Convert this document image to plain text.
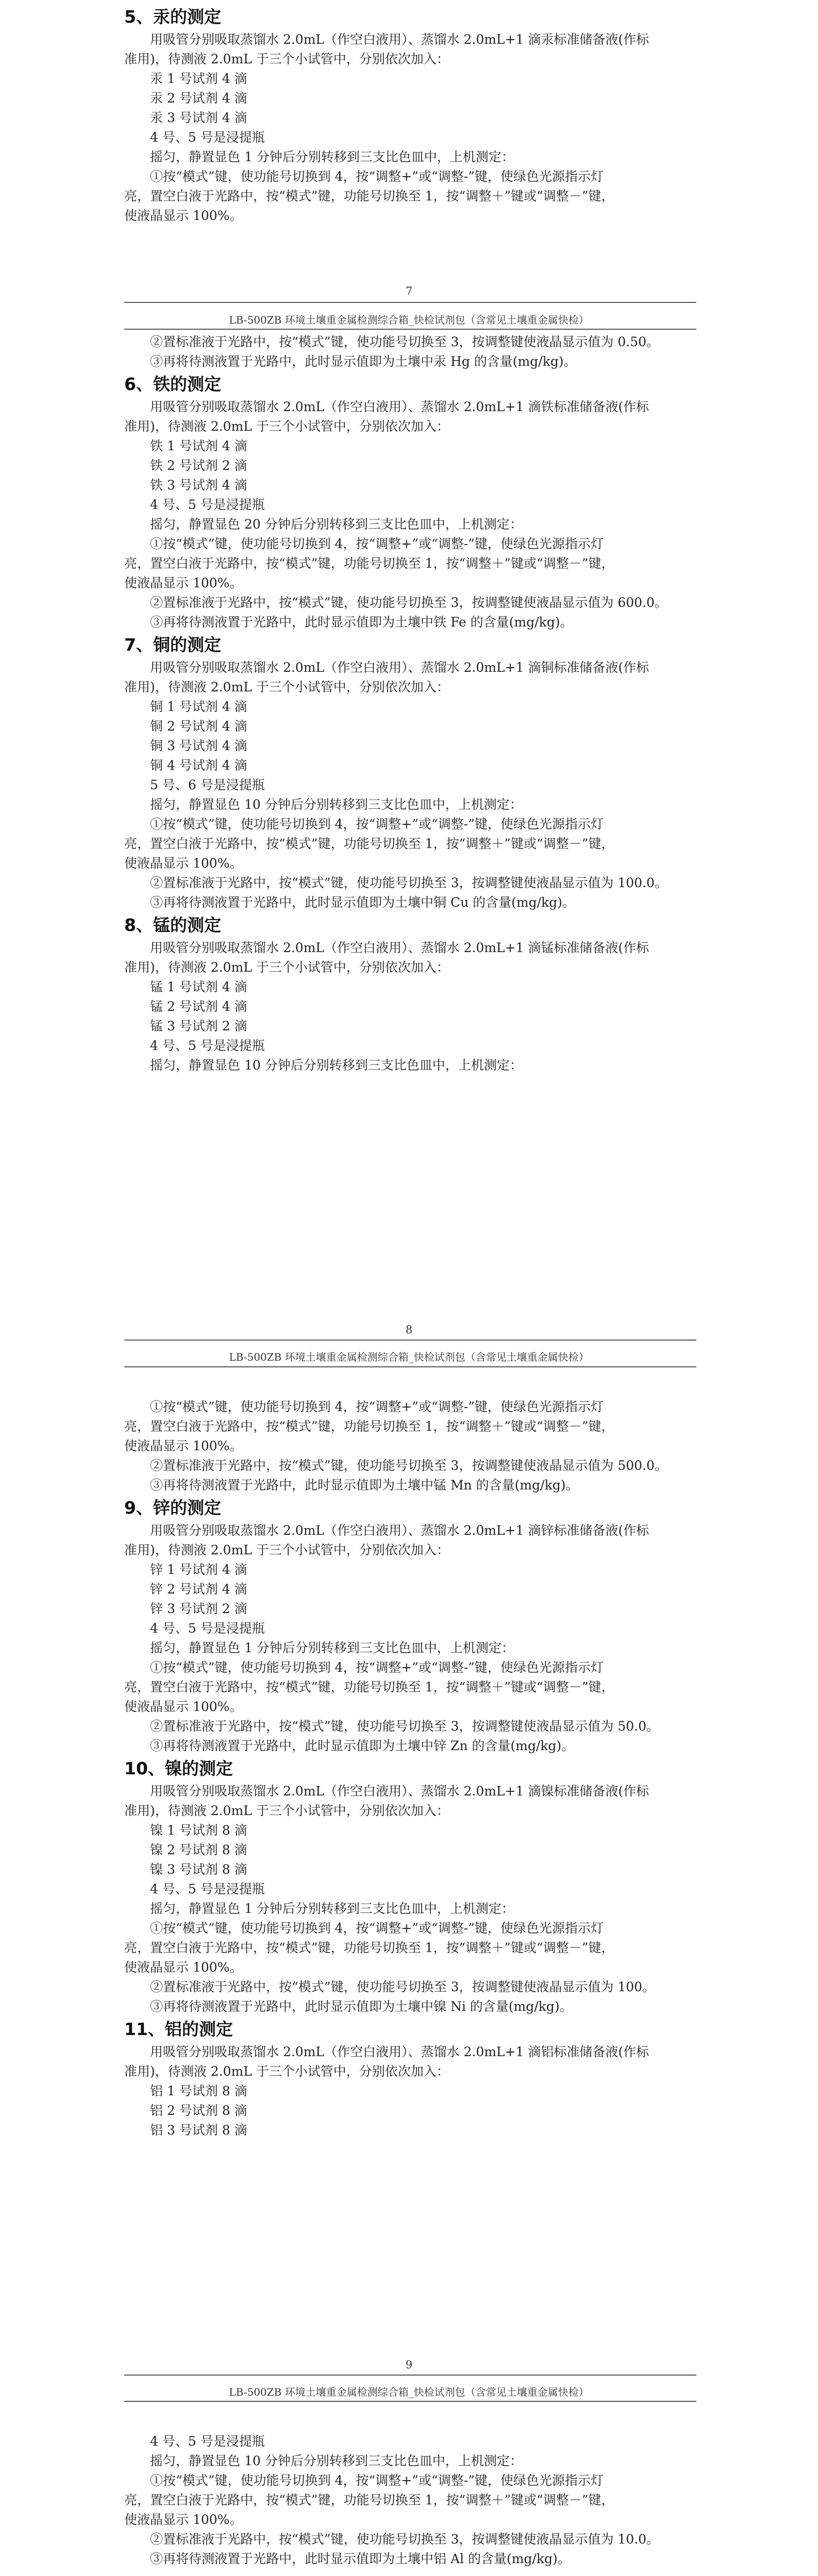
5、汞的测定
用吸管分别吸取蒸馏水 2.0mL（作空白液用）、蒸馏水 2.0mL+1 滴汞标准储备液(作标
准用)，待测液 2.0mL 于三个小试管中，分别依次加入：
汞 1 号试剂 4 滴
汞 2 号试剂 4 滴
汞 3 号试剂 4 滴
4 号、5 号是浸提瓶
摇匀，静置显色 1 分钟后分别转移到三支比色皿中，上机测定：
①按“模式”键，使功能号切换到 4，按“调整+”或“调整-”键，使绿色光源指示灯
亮，置空白液于光路中，按“模式”键，功能号切换至 1，按“调整＋”键或“调整－”键，
使液晶显示 100%。
7
LB-500ZB 环境土壤重金属检测综合箱_快检试剂包（含常见土壤重金属快检）
②置标准液于光路中，按“模式”键，使功能号切换至 3，按调整键使液晶显示值为 0.50。
③再将待测液置于光路中，此时显示值即为土壤中汞 Hg 的含量(mg/kg)。
6、铁的测定
用吸管分别吸取蒸馏水 2.0mL（作空白液用）、蒸馏水 2.0mL+1 滴铁标准储备液(作标
准用)，待测液 2.0mL 于三个小试管中，分别依次加入：
铁 1 号试剂 4 滴
铁 2 号试剂 2 滴
铁 3 号试剂 4 滴
4 号、5 号是浸提瓶
摇匀，静置显色 20 分钟后分别转移到三支比色皿中，上机测定：
①按“模式”键，使功能号切换到 4，按“调整+”或“调整-”键，使绿色光源指示灯
亮，置空白液于光路中，按“模式”键，功能号切换至 1，按“调整＋”键或“调整－”键，
使液晶显示 100%。
②置标准液于光路中，按“模式”键，使功能号切换至 3，按调整键使液晶显示值为 600.0。
③再将待测液置于光路中，此时显示值即为土壤中铁 Fe 的含量(mg/kg)。
7、铜的测定
用吸管分别吸取蒸馏水 2.0mL（作空白液用）、蒸馏水 2.0mL+1 滴铜标准储备液(作标
准用)，待测液 2.0mL 于三个小试管中，分别依次加入：
铜 1 号试剂 4 滴
铜 2 号试剂 4 滴
铜 3 号试剂 4 滴
铜 4 号试剂 4 滴
5 号、6 号是浸提瓶
摇匀，静置显色 10 分钟后分别转移到三支比色皿中，上机测定：
①按“模式”键，使功能号切换到 4，按“调整+”或“调整-”键，使绿色光源指示灯
亮，置空白液于光路中，按“模式”键，功能号切换至 1，按“调整＋”键或“调整－”键，
使液晶显示 100%。
②置标准液于光路中，按“模式”键，使功能号切换至 3，按调整键使液晶显示值为 100.0。
③再将待测液置于光路中，此时显示值即为土壤中铜 Cu 的含量(mg/kg)。
8、锰的测定
用吸管分别吸取蒸馏水 2.0mL（作空白液用）、蒸馏水 2.0mL+1 滴锰标准储备液(作标
准用)，待测液 2.0mL 于三个小试管中，分别依次加入：
锰 1 号试剂 4 滴
锰 2 号试剂 4 滴
锰 3 号试剂 2 滴
4 号、5 号是浸提瓶
摇匀，静置显色 10 分钟后分别转移到三支比色皿中，上机测定：
8
LB-500ZB 环境土壤重金属检测综合箱_快检试剂包（含常见土壤重金属快检）
①按“模式”键，使功能号切换到 4，按“调整+”或“调整-”键，使绿色光源指示灯
亮，置空白液于光路中，按“模式”键，功能号切换至 1，按“调整＋”键或“调整－”键，
使液晶显示 100%。
②置标准液于光路中，按“模式”键，使功能号切换至 3，按调整键使液晶显示值为 500.0。
③再将待测液置于光路中，此时显示值即为土壤中锰 Mn 的含量(mg/kg)。
9、锌的测定
用吸管分别吸取蒸馏水 2.0mL（作空白液用）、蒸馏水 2.0mL+1 滴锌标准储备液(作标
准用)，待测液 2.0mL 于三个小试管中，分别依次加入：
锌 1 号试剂 4 滴
锌 2 号试剂 4 滴
锌 3 号试剂 2 滴
4 号、5 号是浸提瓶
摇匀，静置显色 1 分钟后分别转移到三支比色皿中，上机测定：
①按“模式”键，使功能号切换到 4，按“调整+”或“调整-”键，使绿色光源指示灯
亮，置空白液于光路中，按“模式”键，功能号切换至 1，按“调整＋”键或“调整－”键，
使液晶显示 100%。
②置标准液于光路中，按“模式”键，使功能号切换至 3，按调整键使液晶显示值为 50.0。
③再将待测液置于光路中，此时显示值即为土壤中锌 Zn 的含量(mg/kg)。
10、镍的测定
用吸管分别吸取蒸馏水 2.0mL（作空白液用）、蒸馏水 2.0mL+1 滴镍标准储备液(作标
准用)，待测液 2.0mL 于三个小试管中，分别依次加入：
镍 1 号试剂 8 滴
镍 2 号试剂 8 滴
镍 3 号试剂 8 滴
4 号、5 号是浸提瓶
摇匀，静置显色 1 分钟后分别转移到三支比色皿中，上机测定：
①按“模式”键，使功能号切换到 4，按“调整+”或“调整-”键，使绿色光源指示灯
亮，置空白液于光路中，按“模式”键，功能号切换至 1，按“调整＋”键或“调整－”键，
使液晶显示 100%。
②置标准液于光路中，按“模式”键，使功能号切换至 3，按调整键使液晶显示值为 100。
③再将待测液置于光路中，此时显示值即为土壤中镍 Ni 的含量(mg/kg)。
11、铝的测定
用吸管分别吸取蒸馏水 2.0mL（作空白液用）、蒸馏水 2.0mL+1 滴铝标准储备液(作标
准用)，待测液 2.0mL 于三个小试管中，分别依次加入：
铝 1 号试剂 8 滴
铝 2 号试剂 8 滴
铝 3 号试剂 8 滴
9
LB-500ZB 环境土壤重金属检测综合箱_快检试剂包（含常见土壤重金属快检）
4 号、5 号是浸提瓶
摇匀，静置显色 10 分钟后分别转移到三支比色皿中，上机测定：
①按“模式”键，使功能号切换到 4，按“调整+”或“调整-”键，使绿色光源指示灯
亮，置空白液于光路中，按“模式”键，功能号切换至 1，按“调整＋”键或“调整－”键，
使液晶显示 100%。
②置标准液于光路中，按“模式”键，使功能号切换至 3，按调整键使液晶显示值为 10.0。
③再将待测液置于光路中，此时显示值即为土壤中铝 Al 的含量(mg/kg)。
